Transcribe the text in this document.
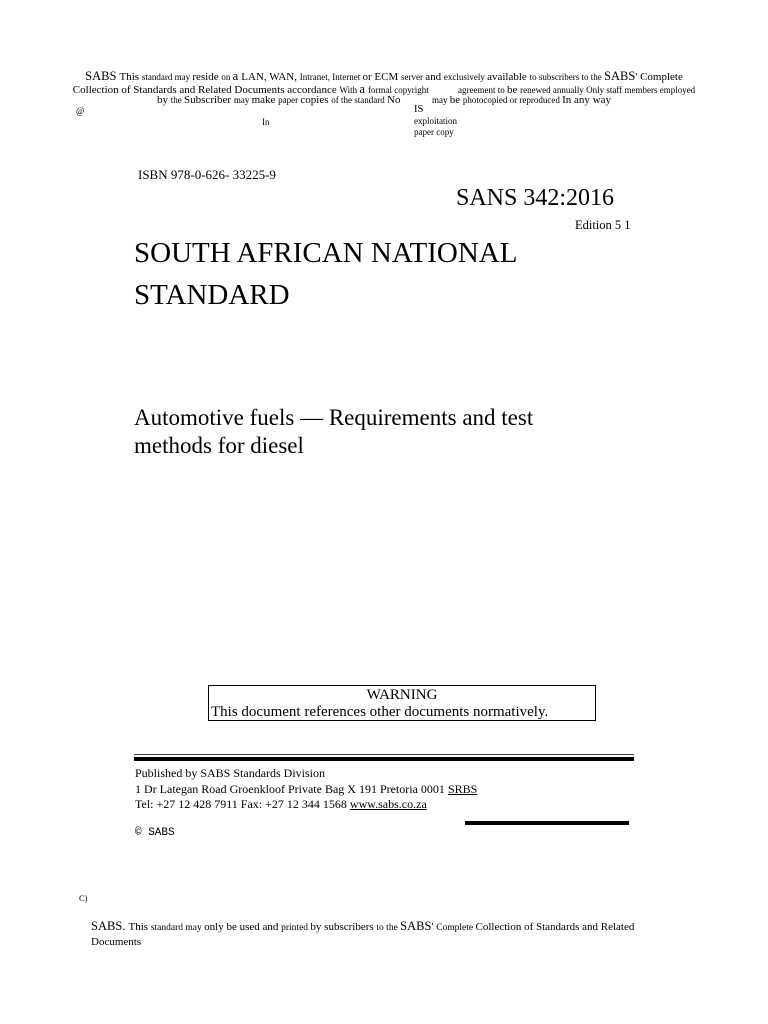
SABS This standard may reside on a LAN, WAN, Intranet, Internet or ECM server and exclusively available to subscribers to the SABS' Complete
Collection of Standards and Related Documents accordance With a formal copyright             agreement to be renewed annually Only staff members employed
by the Subscriber may make paper copies of the standard No              may be photocopied or reproduced In any way
@
In
IS
exploitation
paper copy
ISBN 978-0-626- 33225-9
SANS 342:2016
Edition 5 1
SOUTH AFRICAN NATIONAL
STANDARD
Automotive fuels — Requirements and test
methods for diesel
WARNING
This document references other documents normatively.
Published by SABS Standards Division
1 Dr Lategan Road Groenkloof Private Bag X 191 Pretoria 0001 SRBS
Tel: +27 12 428 7911 Fax: +27 12 344 1568 www.sabs.co.za
© SABS
C)
SABS. This standard may only be used and printed by subscribers to the SABS' Complete Collection of Standards and Related
Documents
